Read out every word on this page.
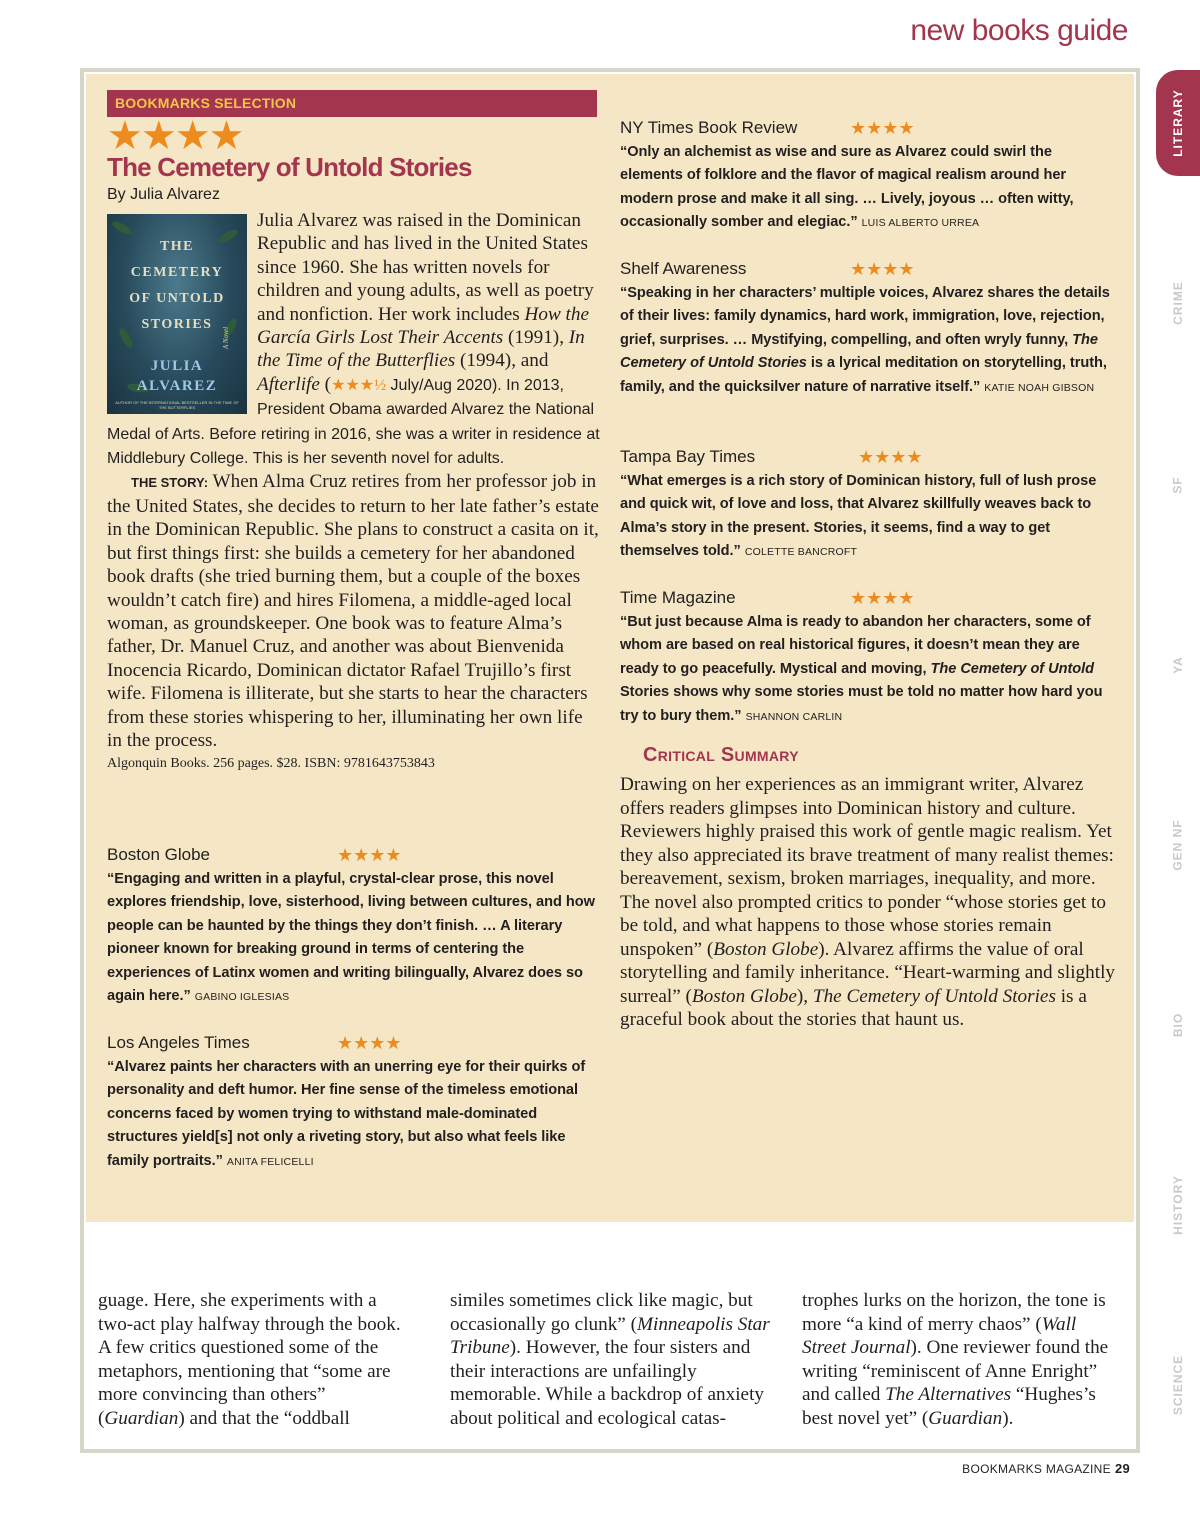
new books guide
LITERARY
CRIME
SF
YA
GEN NF
BIO
HISTORY
SCIENCE
BOOKMARKS SELECTION
★★★★
The Cemetery of Untold Stories
By Julia Alvarez
THE
CEMETERY
OF UNTOLD
STORIES
A Novel
JULIA
ALVAREZ
AUTHOR OF THE INTERNATIONAL BESTSELLER IN THE TIME OF THE BUTTERFLIES

Julia Alvarez was raised in the Dominican Republic and has lived in the United States since 1960. She has written novels for children and young adults, as well as poetry and nonfiction. Her work includes How the García Girls Lost Their Accents (1991), In the Time of the Butterflies (1994), and Afterlife (★★★½ July/Aug 2020). In 2013, President Obama awarded Alvarez the National Medal of Arts. Before retiring in 2016, she was a writer in residence at Middlebury College. This is her seventh novel for adults.

THE STORY: When Alma Cruz retires from her professor job in the United States, she decides to return to her late father’s estate in the Dominican Republic. She plans to construct a casita on it, but first things first: she builds a cemetery for her abandoned book drafts (she tried burning them, but a couple of the boxes wouldn’t catch fire) and hires Filomena, a middle-aged local woman, as groundskeeper. One book was to feature Alma’s father, Dr. Manuel Cruz, and another was about Bienvenida Inocencia Ricardo, Dominican dictator Rafael Trujillo’s first wife. Filomena is illiterate, but she starts to hear the characters from these stories whispering to her, illuminating her own life in the process.

Algonquin Books. 256 pages. $28. ISBN: 9781643753843

Boston Globe	★★★★
“Engaging and written in a playful, crystal-clear prose, this novel explores friendship, love, sisterhood, living between cultures, and how people can be haunted by the things they don’t finish. … A literary pioneer known for breaking ground in terms of centering the experiences of Latinx women and writing bilingually, Alvarez does so again here.” GABINO IGLESIAS
Los Angeles Times	★★★★
“Alvarez paints her characters with an unerring eye for their quirks of personality and deft humor. Her fine sense of the timeless emotional concerns faced by women trying to withstand male-dominated structures yield[s] not only a riveting story, but also what feels like family portraits.” ANITA FELICELLI
NY Times Book Review	★★★★
“Only an alchemist as wise and sure as Alvarez could swirl the elements of folklore and the flavor of magical realism around her modern prose and make it all sing. … Lively, joyous … often witty, occasionally somber and elegiac.” LUIS ALBERTO URREA
Shelf Awareness	★★★★
“Speaking in her characters’ multiple voices, Alvarez shares the details of their lives: family dynamics, hard work, immigration, love, rejection, grief, surprises. … Mystifying, compelling, and often wryly funny, The Cemetery of Untold Stories is a lyrical meditation on storytelling, truth, family, and the quicksilver nature of narrative itself.” KATIE NOAH GIBSON
Tampa Bay Times	★★★★
“What emerges is a rich story of Dominican history, full of lush prose and quick wit, of love and loss, that Alvarez skillfully weaves back to Alma’s story in the present. Stories, it seems, find a way to get themselves told.” COLETTE BANCROFT
Time Magazine	★★★★
“But just because Alma is ready to abandon her characters, some of whom are based on real historical figures, it doesn’t mean they are ready to go peacefully. Mystical and moving, The Cemetery of Untold Stories shows why some stories must be told no matter how hard you try to bury them.” SHANNON CARLIN
Critical Summary
Drawing on her experiences as an immigrant writer, Alvarez offers readers glimpses into Dominican history and culture. Reviewers highly praised this work of gentle magic realism. Yet they also appreciated its brave treatment of many realist themes: bereavement, sexism, broken marriages, inequality, and more. The novel also prompted critics to ponder “whose stories get to be told, and what happens to those whose stories remain unspoken” (Boston Globe). Alvarez affirms the value of oral storytelling and family inheritance. “Heart-warming and slightly surreal” (Boston Globe), The Cemetery of Untold Stories is a graceful book about the stories that haunt us.
guage. Here, she experiments with a two-act play halfway through the book. A few critics questioned some of the metaphors, mentioning that “some are more convincing than others” (Guardian) and that the “oddball
similes sometimes click like magic, but occasionally go clunk” (Minneapolis Star Tribune). However, the four sisters and their interactions are unfailingly memorable. While a backdrop of anxiety about political and ecological catas-
trophes lurks on the horizon, the tone is more “a kind of merry chaos” (Wall Street Journal). One reviewer found the writing “reminiscent of Anne Enright” and called The Alternatives “Hughes’s best novel yet” (Guardian).
BOOKMARKS MAGAZINE 29
